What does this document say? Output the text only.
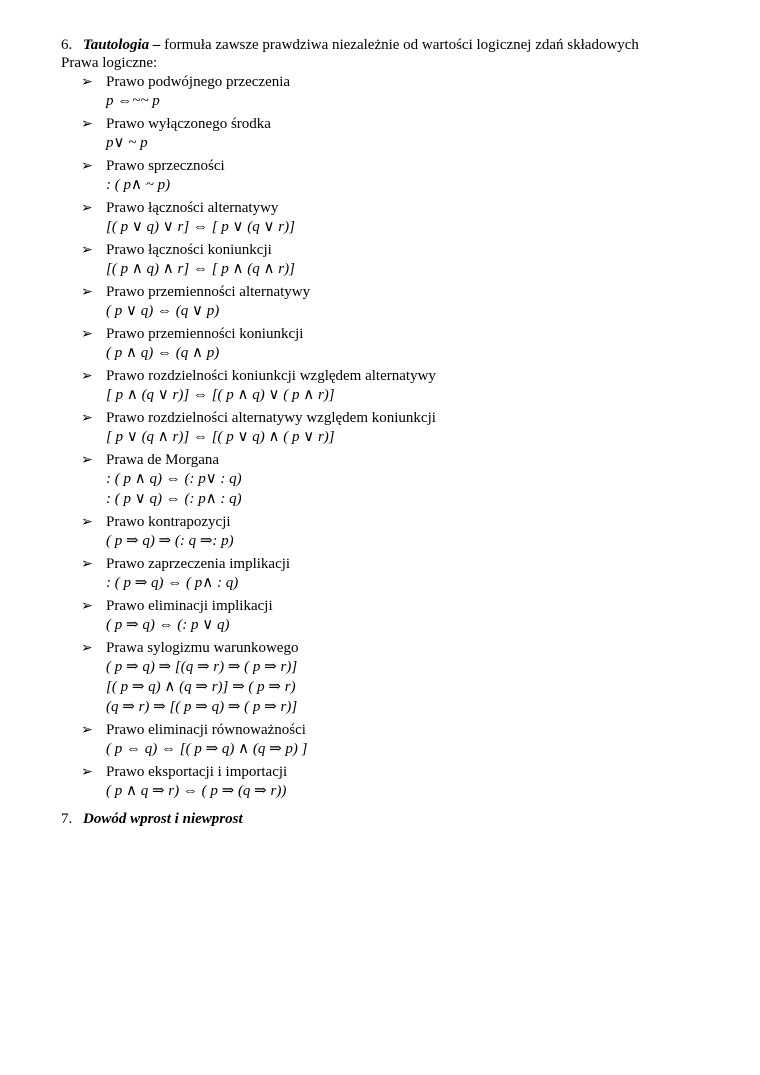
6. Tautologia – formuła zawsze prawdziwa niezależnie od wartości logicznej zdań składowych
Prawa logiczne:
➢ Prawo podwójnego przeczenia
p ⇔~~ p
➢ Prawo wyłączonego środka
p∨ ~ p
➢ Prawo sprzeczności
: ( p∧ ~ p)
➢ Prawo łączności alternatywy
[( p ∨ q) ∨ r] ⇔ [ p ∨ (q ∨ r)]
➢ Prawo łączności koniunkcji
[( p ∧ q) ∧ r] ⇔ [ p ∧ (q ∧ r)]
➢ Prawo przemienności alternatywy
( p ∨ q) ⇔ (q ∨ p)
➢ Prawo przemienności koniunkcji
( p ∧ q) ⇔ (q ∧ p)
➢ Prawo rozdzielności koniunkcji względem alternatywy
[ p ∧ (q ∨ r)] ⇔ [( p ∧ q) ∨ ( p ∧ r)]
➢ Prawo rozdzielności alternatywy względem koniunkcji
[ p ∨ (q ∧ r)] ⇔ [( p ∨ q) ∧ ( p ∨ r)]
➢ Prawa de Morgana
: ( p ∧ q) ⇔ (: p∨ : q)
: ( p ∨ q) ⇔ (: p∧ : q)
➢ Prawo kontrapozycji
( p ⇒ q) ⇒ (: q ⇒: p)
➢ Prawo zaprzeczenia implikacji
: ( p ⇒ q) ⇔ ( p∧ : q)
➢ Prawo eliminacji implikacji
( p ⇒ q) ⇔ (: p ∨ q)
➢ Prawa sylogizmu warunkowego
( p ⇒ q) ⇒ [(q ⇒ r) ⇒ ( p ⇒ r)]
[( p ⇒ q) ∧ (q ⇒ r)] ⇒ ( p ⇒ r)
(q ⇒ r) ⇒ [( p ⇒ q) ⇒ ( p ⇒ r)]
➢ Prawo eliminacji równoważności
( p ⇔ q) ⇔ [( p ⇒ q) ∧ (q ⇒ p) ]
➢ Prawo eksportacji i importacji
( p ∧ q ⇒ r) ⇔ ( p ⇒ (q ⇒ r))
7. Dowód wprost i niewprost
